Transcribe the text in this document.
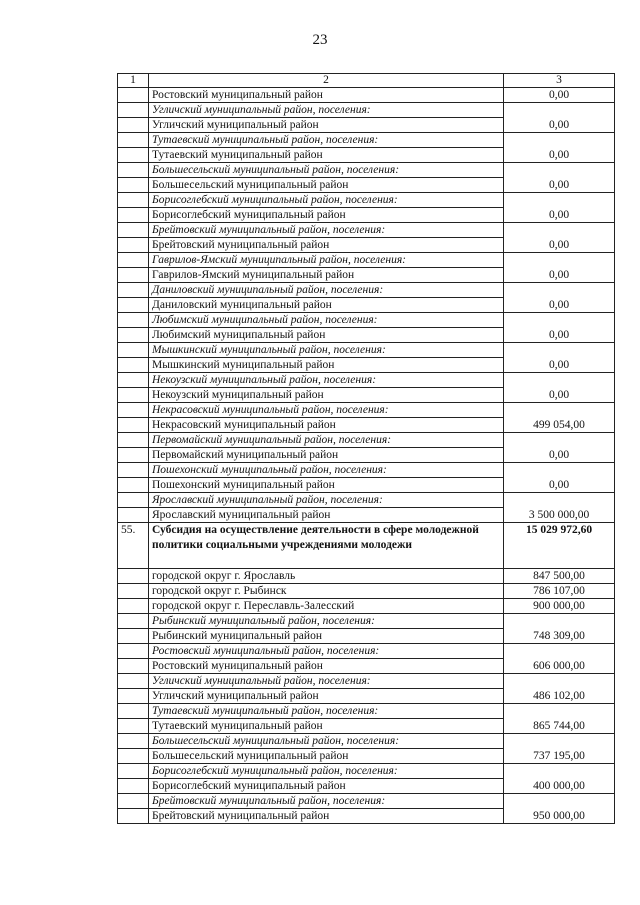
23
1	2	3
	Ростовский муниципальный район	0,00
	Угличский муниципальный район, поселения:	
	Угличский муниципальный район	0,00
	Тутаевский муниципальный район, поселения:	
	Тутаевский муниципальный район	0,00
	Большесельский муниципальный район, поселения:	
	Большесельский муниципальный район	0,00
	Борисоглебский муниципальный район, поселения:	
	Борисоглебский муниципальный район	0,00
	Брейтовский муниципальный район, поселения:	
	Брейтовский муниципальный район	0,00
	Гаврилов-Ямский муниципальный район, поселения:	
	Гаврилов-Ямский муниципальный район	0,00
	Даниловский муниципальный район, поселения:	
	Даниловский муниципальный район	0,00
	Любимский муниципальный район, поселения:	
	Любимский муниципальный район	0,00
	Мышкинский муниципальный район, поселения:	
	Мышкинский муниципальный район	0,00
	Некоузский муниципальный район, поселения:	
	Некоузский муниципальный район	0,00
	Некрасовский муниципальный район, поселения:	
	Некрасовский муниципальный район	499 054,00
	Первомайский муниципальный район, поселения:	
	Первомайский муниципальный район	0,00
	Пошехонский муниципальный район, поселения:	
	Пошехонский муниципальный район	0,00
	Ярославский муниципальный район, поселения:	
	Ярославский муниципальный район	3 500 000,00
55.	Субсидия на осуществление деятельности в сфере молодежной политики социальными учреждениями молодежи	15 029 972,60
	городской округ г. Ярославль	847 500,00
	городской округ г. Рыбинск	786 107,00
	городской округ г. Переславль-Залесский	900 000,00
	Рыбинский муниципальный район, поселения:	
	Рыбинский муниципальный район	748 309,00
	Ростовский муниципальный район, поселения:	
	Ростовский муниципальный район	606 000,00
	Угличский муниципальный район, поселения:	
	Угличский муниципальный район	486 102,00
	Тутаевский муниципальный район, поселения:	
	Тутаевский муниципальный район	865 744,00
	Большесельский муниципальный район, поселения:	
	Большесельский муниципальный район	737 195,00
	Борисоглебский муниципальный район, поселения:	
	Борисоглебский муниципальный район	400 000,00
	Брейтовский муниципальный район, поселения:	
	Брейтовский муниципальный район	950 000,00
